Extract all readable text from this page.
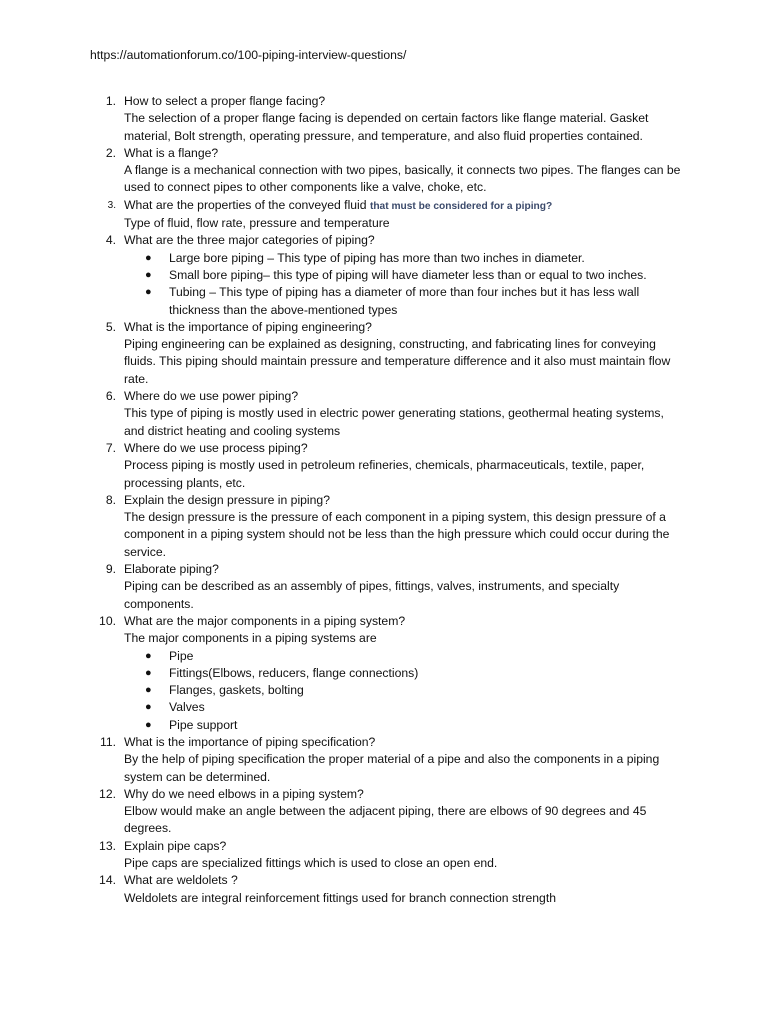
https://automationforum.co/100-piping-interview-questions/
1. How to select a proper flange facing?
The selection of a proper flange facing is depended on certain factors like flange material. Gasket material, Bolt strength, operating pressure, and temperature, and also fluid properties contained.
2. What is a flange?
A flange is a mechanical connection with two pipes, basically, it connects two pipes. The flanges can be used to connect pipes to other components like a valve, choke, etc.
3. What are the properties of the conveyed fluid that must be considered for a piping?
Type of fluid, flow rate, pressure and temperature
4. What are the three major categories of piping?
● Large bore piping – This type of piping has more than two inches in diameter.
● Small bore piping– this type of piping will have diameter less than or equal to two inches.
● Tubing – This type of piping has a diameter of more than four inches but it has less wall thickness than the above-mentioned types
5. What is the importance of piping engineering?
Piping engineering can be explained as designing, constructing, and fabricating lines for conveying fluids. This piping should maintain pressure and temperature difference and it also must maintain flow rate.
6. Where do we use power piping?
This type of piping is mostly used in electric power generating stations, geothermal heating systems, and district heating and cooling systems
7. Where do we use process piping?
Process piping is mostly used in petroleum refineries, chemicals, pharmaceuticals, textile, paper, processing plants, etc.
8. Explain the design pressure in piping?
The design pressure is the pressure of each component in a piping system, this design pressure of a component in a piping system should not be less than the high pressure which could occur during the service.
9. Elaborate piping?
Piping can be described as an assembly of pipes, fittings, valves, instruments, and specialty components.
10. What are the major components in a piping system?
The major components in a piping systems are
● Pipe
● Fittings(Elbows, reducers, flange connections)
● Flanges, gaskets, bolting
● Valves
● Pipe support
11. What is the importance of piping specification?
By the help of piping specification the proper material of a pipe and also the components in a piping system can be determined.
12. Why do we need elbows in a piping system?
Elbow would make an angle between the adjacent piping, there are elbows of 90 degrees and 45 degrees.
13. Explain pipe caps?
Pipe caps are specialized fittings which is used to close an open end.
14. What are weldolets ?
Weldolets are integral reinforcement fittings used for branch connection strength
